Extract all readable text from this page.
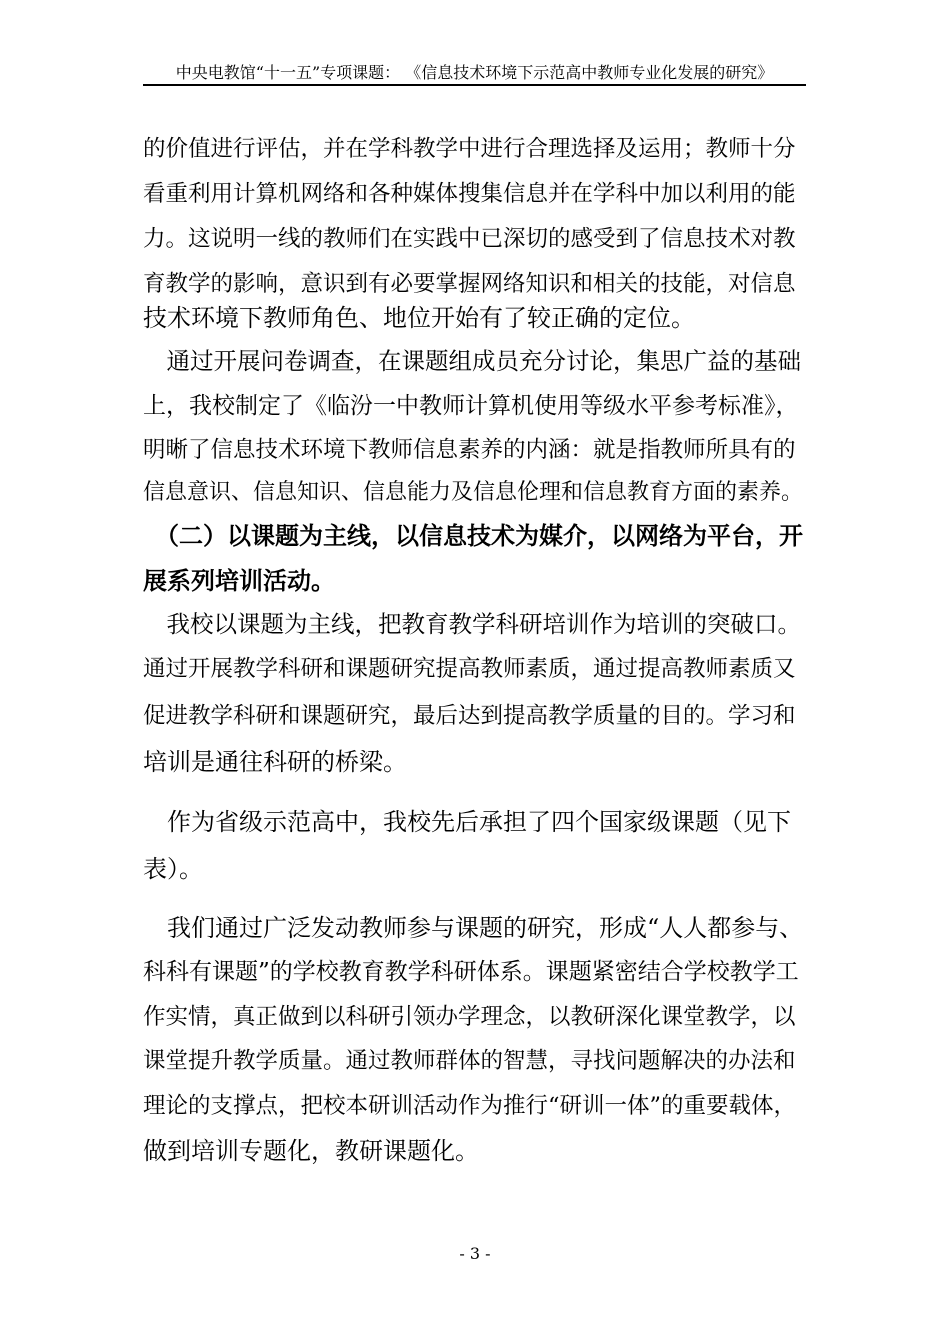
中央电教馆“十一五”专项课题： 《信息技术环境下示范高中教师专业化发展的研究》
的价值进行评估，并在学科教学中进行合理选择及运用；教师十分
看重利用计算机网络和各种媒体搜集信息并在学科中加以利用的能
力。这说明一线的教师们在实践中已深切的感受到了信息技术对教
育教学的影响，意识到有必要掌握网络知识和相关的技能，对信息
技术环境下教师角色、地位开始有了较正确的定位。
　通过开展问卷调查，在课题组成员充分讨论，集思广益的基础
上，我校制定了《临汾一中教师计算机使用等级水平参考标准》，
明晰了信息技术环境下教师信息素养的内涵：就是指教师所具有的
信息意识、信息知识、信息能力及信息伦理和信息教育方面的素养。
　（二）以课题为主线，以信息技术为媒介，以网络为平台，开
展系列培训活动。
　我校以课题为主线，把教育教学科研培训作为培训的突破口。
通过开展教学科研和课题研究提高教师素质，通过提高教师素质又
促进教学科研和课题研究，最后达到提高教学质量的目的。学习和
培训是通往科研的桥梁。
　作为省级示范高中，我校先后承担了四个国家级课题（见下
表）。
　我们通过广泛发动教师参与课题的研究，形成“人人都参与、
科科有课题”的学校教育教学科研体系。课题紧密结合学校教学工
作实情，真正做到以科研引领办学理念，以教研深化课堂教学，以
课堂提升教学质量。通过教师群体的智慧，寻找问题解决的办法和
理论的支撑点，把校本研训活动作为推行“研训一体”的重要载体，
做到培训专题化，教研课题化。
- 3 -
